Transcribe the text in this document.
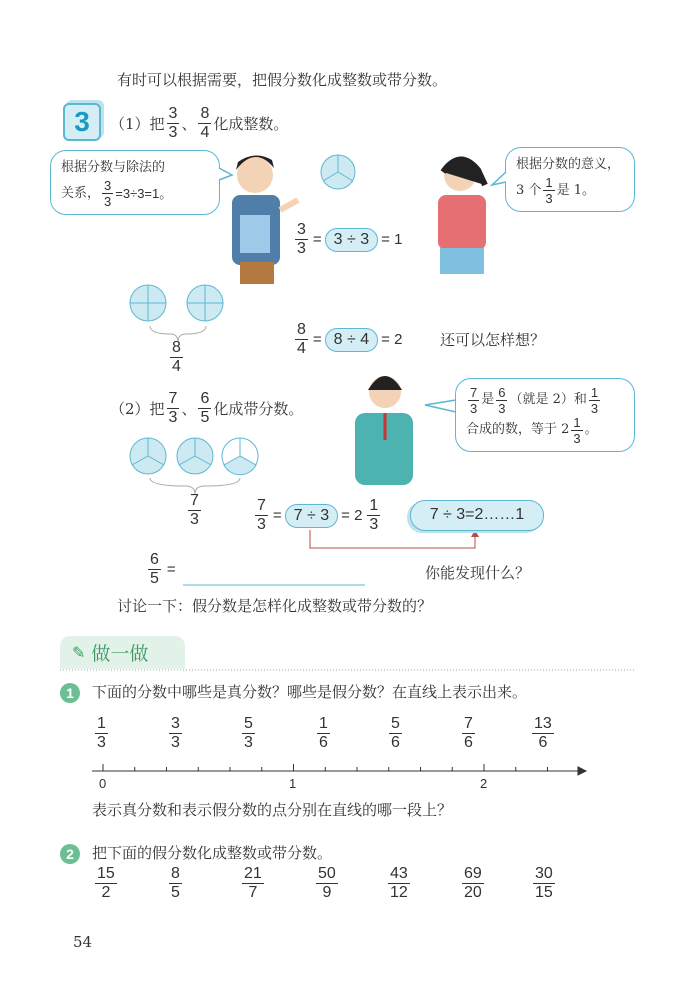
有时可以根据需要，把假分数化成整数或带分数。
3	（1）把
3
3 、
8
4 化成整数。
根据分数与除法的
关系， $\frac{3}{3} =3\div 3=1$。
根据分数的意义，
3 个 1
3
是 1。
$\frac{3}{3} = 3 \div 3 = 1$
$\frac{8}{4}$
$\frac{8}{4} = 8 \div 4 = 2$	还可以怎样想？
（2）把
7
3 、
6
5 化成带分数。
7
3
是 6
3
（就是 2）和 1
3
合成的数，等于 2 1
3
。
$\frac{7}{3}$	$\frac{7}{3} = 7 \div 3 = 2$
1
3
7 ÷ 3=2……1
$\frac{6}{5}$ =	你能发现什么？
讨论一下：假分数是怎样化成整数或带分数的？
✎ 做一做
1	下面的分数中哪些是真分数？哪些是假分数？在直线上表示出来。
$\frac{1}{3}$	$\frac{3}{3}$	$\frac{5}{3}$	$\frac{1}{6}$	$\frac{5}{6}$	$\frac{7}{6}$	$\frac{13}{6}$
0	1	2
表示真分数和表示假分数的点分别在直线的哪一段上？
2	把下面的假分数化成整数或带分数。
$\frac{15}{2}$	$\frac{8}{5}$	$\frac{21}{7}$	$\frac{50}{9}$	$\frac{43}{12}$	$\frac{69}{20}$	$\frac{30}{15}$
54
